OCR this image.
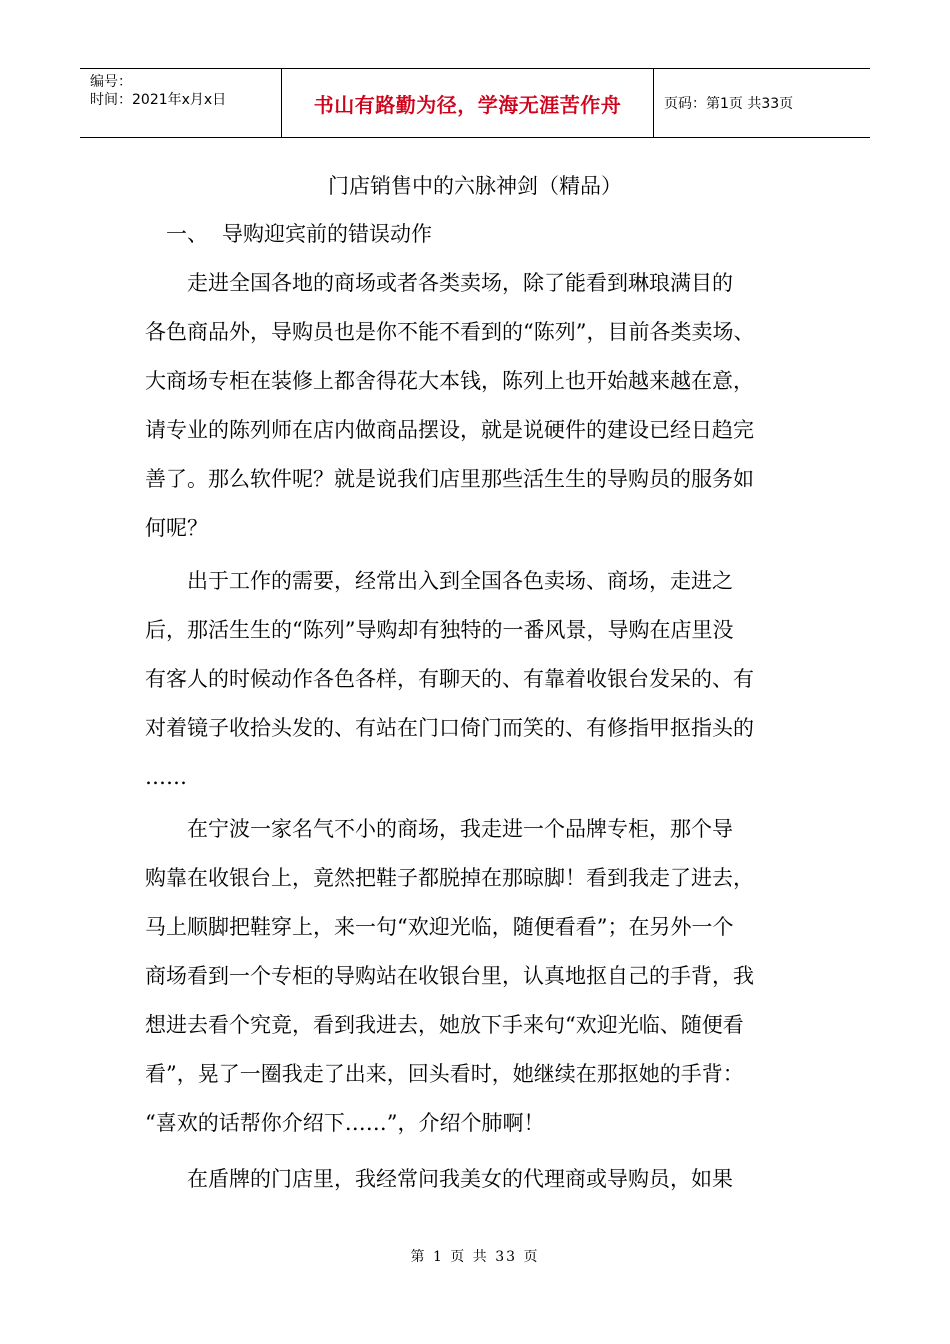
编号：
时间：2021年x月x日	书山有路勤为径，学海无涯苦作舟	页码：第1页 共33页
门店销售中的六脉神剑（精品）
一、 导购迎宾前的错误动作
　　走进全国各地的商场或者各类卖场，除了能看到琳琅满目的
各色商品外，导购员也是你不能不看到的“陈列”，目前各类卖场、
大商场专柜在装修上都舍得花大本钱，陈列上也开始越来越在意，
请专业的陈列师在店内做商品摆设，就是说硬件的建设已经日趋完
善了。那么软件呢？就是说我们店里那些活生生的导购员的服务如
何呢？
　　出于工作的需要，经常出入到全国各色卖场、商场，走进之
后，那活生生的“陈列”导购却有独特的一番风景，导购在店里没
有客人的时候动作各色各样，有聊天的、有靠着收银台发呆的、有
对着镜子收拾头发的、有站在门口倚门而笑的、有修指甲抠指头的
……
　　在宁波一家名气不小的商场，我走进一个品牌专柜，那个导
购靠在收银台上，竟然把鞋子都脱掉在那晾脚！看到我走了进去，
马上顺脚把鞋穿上，来一句“欢迎光临，随便看看”；在另外一个
商场看到一个专柜的导购站在收银台里，认真地抠自己的手背，我
想进去看个究竟，看到我进去，她放下手来句“欢迎光临、随便看
看”，晃了一圈我走了出来，回头看时，她继续在那抠她的手背：
“喜欢的话帮你介绍下……”，介绍个肺啊！
　　在盾牌的门店里，我经常问我美女的代理商或导购员，如果
第 1 页 共 33 页
